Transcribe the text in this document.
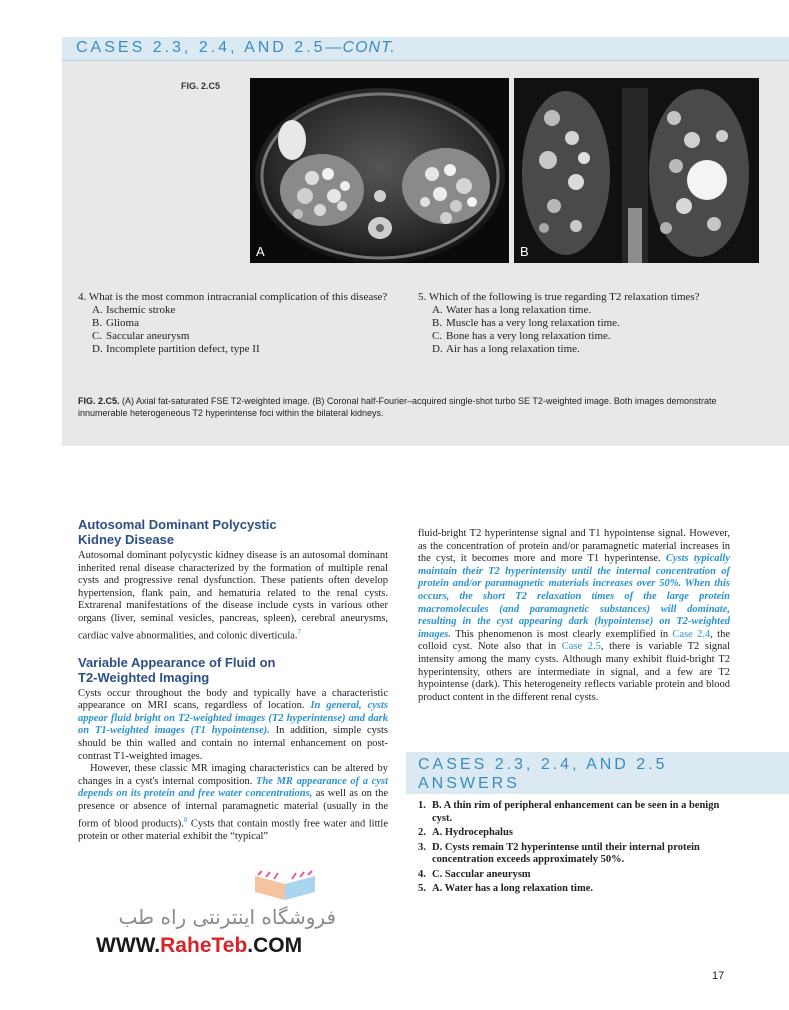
CASES 2.3, 2.4, AND 2.5—CONT.
FIG. 2.C5
A	B
4. What is the most common intracranial complication of this disease?
A. Ischemic stroke
B. Glioma
C. Saccular aneurysm
D. Incomplete partition defect, type II
5. Which of the following is true regarding T2 relaxation times?
A. Water has a long relaxation time.
B. Muscle has a very long relaxation time.
C. Bone has a very long relaxation time.
D. Air has a long relaxation time.
FIG. 2.C5. (A) Axial fat-saturated FSE T2-weighted image. (B) Coronal half-Fourier–acquired single-shot turbo SE T2-weighted image. Both images demonstrate innumerable heterogeneous T2 hyperintense foci within the bilateral kidneys.
Autosomal Dominant Polycystic
Kidney Disease

Autosomal dominant polycystic kidney disease is an autosomal dominant inherited renal disease characterized by the formation of multiple renal cysts and progressive renal dysfunction. These patients often develop hypertension, flank pain, and hematuria related to the renal cysts. Extrarenal manifestations of the disease include cysts in various other organs (liver, seminal vesicles, pancreas, spleen), cerebral aneurysms, cardiac valve abnormalities, and colonic diverticula.$^7$

Variable Appearance of Fluid on
T2-Weighted Imaging

Cysts occur throughout the body and typically have a characteristic appearance on MRI scans, regardless of location. In general, cysts appear fluid bright on T2-weighted images (T2 hyperintense) and dark on T1-weighted images (T1 hypointense). In addition, simple cysts should be thin walled and contain no internal enhancement on post-contrast T1-weighted images.

However, these classic MR imaging characteristics can be altered by changes in a cyst's internal composition. The MR appearance of a cyst depends on its protein and free water concentrations, as well as on the presence or absence of internal paramagnetic material (usually in the form of blood products).$^8$ Cysts that contain mostly free water and little protein or other material exhibit the “typical”

fluid-bright T2 hyperintense signal and T1 hypointense signal. However, as the concentration of protein and/or paramagnetic material increases in the cyst, it becomes more and more T1 hyperintense. Cysts typically maintain their T2 hyperintensity until the internal concentration of protein and/or paramagnetic materials increases over 50%. When this occurs, the short T2 relaxation times of the large protein macromolecules (and paramagnetic substances) will dominate, resulting in the cyst appearing dark (hypointense) on T2-weighted images. This phenomenon is most clearly exemplified in Case 2.4, the colloid cyst. Note also that in Case 2.5, there is variable T2 signal intensity among the many cysts. Although many exhibit fluid-bright T2 hyperintensity, others are intermediate in signal, and a few are T2 hypointense (dark). This heterogeneity reflects variable protein and blood product content in the different renal cysts.

CASES 2.3, 2.4, AND 2.5
ANSWERS
1. B. A thin rim of peripheral enhancement can be seen in a benign cyst.
2. A. Hydrocephalus
3. D. Cysts remain T2 hyperintense until their internal protein concentration exceeds approximately 50%.
4. C. Saccular aneurysm
5. A. Water has a long relaxation time.
فروشگاه اینترنتی راه طب
WWW.RaheTeb.COM
17
